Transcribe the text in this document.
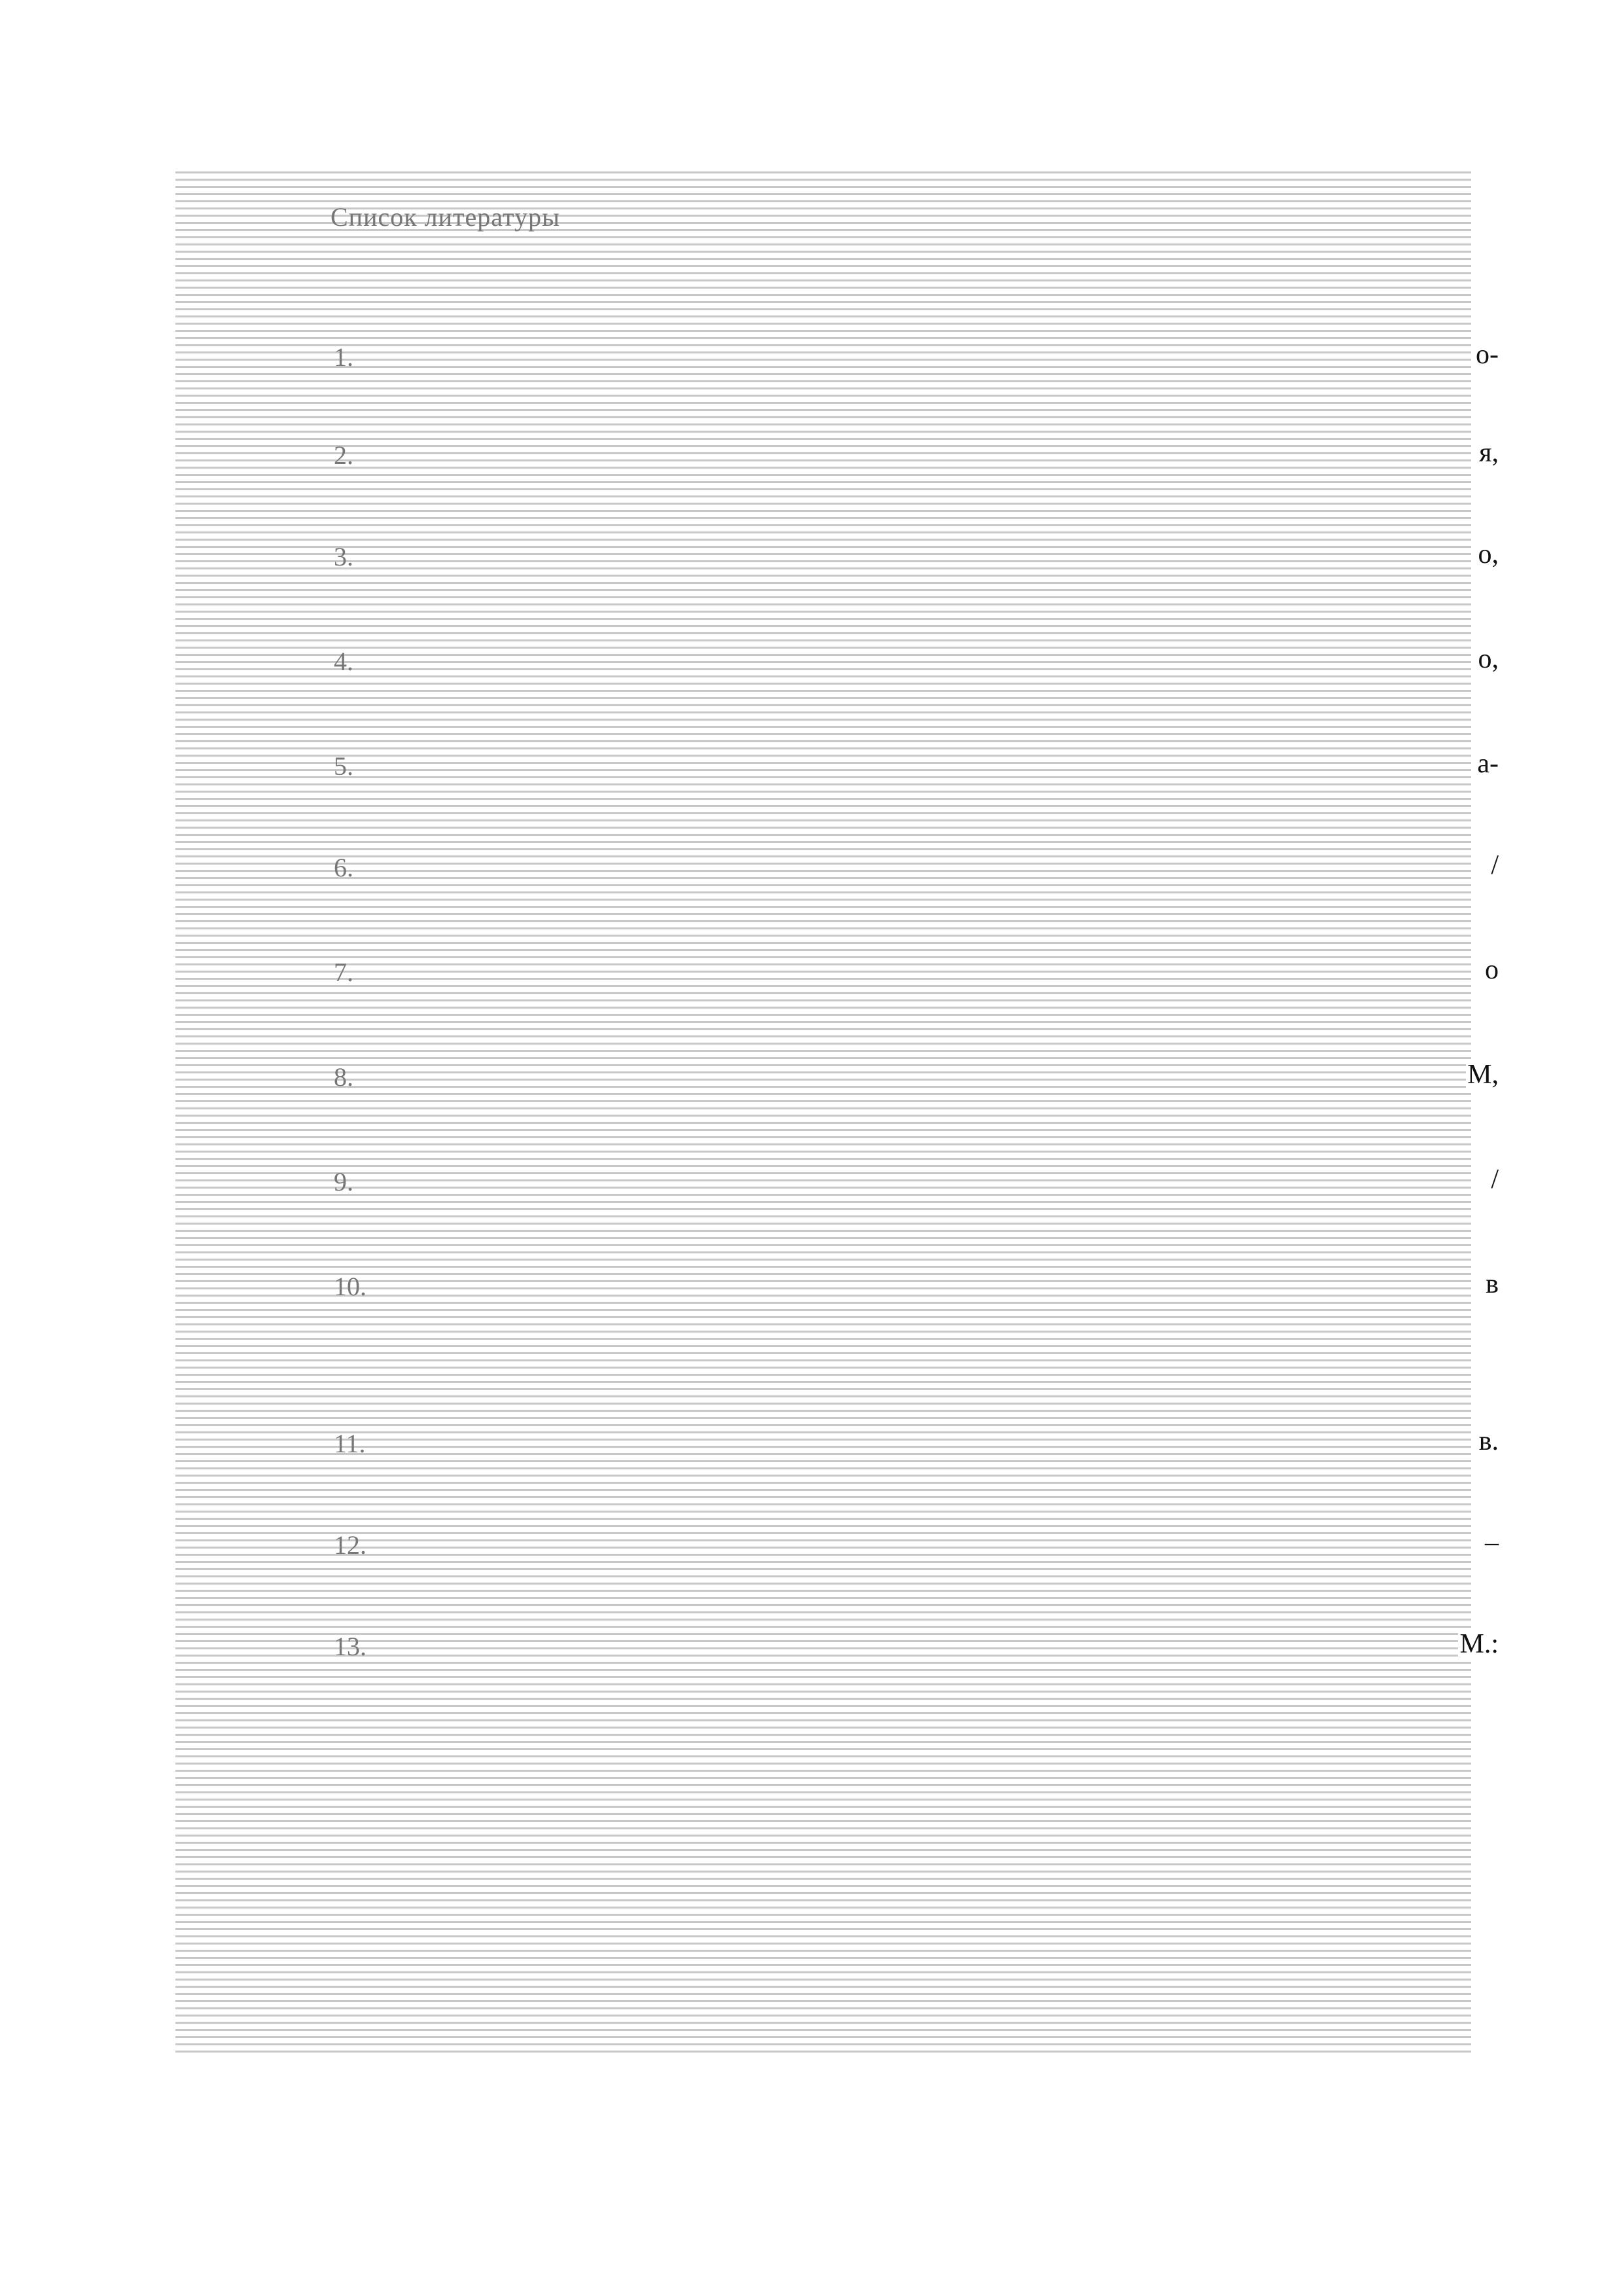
Список литературы
1.	о-
2.	я,
3.	о,
4.	о,
5.	а-
6.	/
7.	о
8.	М,
9.	/
10.	в
11.	в.
12.	–
13.	М.:
